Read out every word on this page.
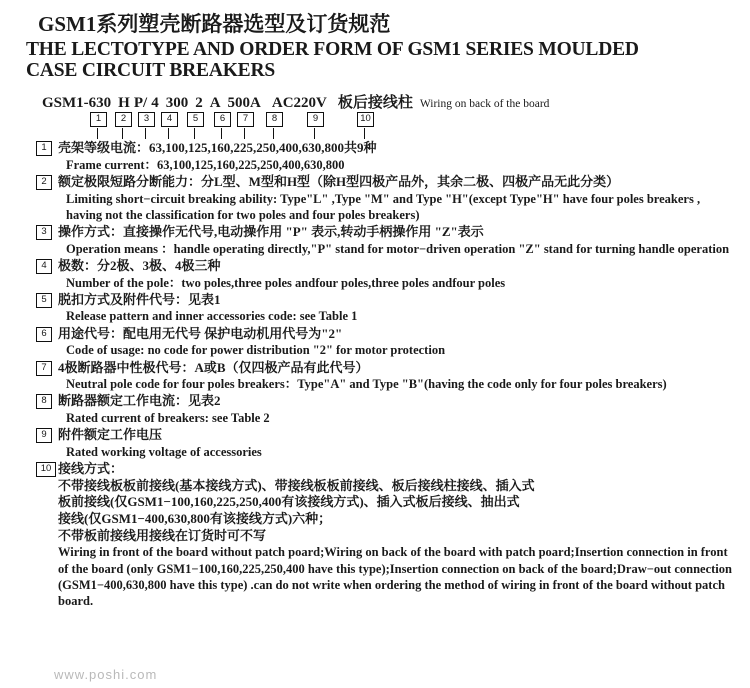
GSM1系列塑壳断路器选型及订货规范
THE LECTOTYPE AND ORDER FORM OF GSM1 SERIES MOULDED
CASE CIRCUIT BREAKERS
GSM1-630 H P/ 4 300 2 A 500A AC220V 板后接线柱 Wiring on back of the board
1	2	3	4	5	6	7	8	9	10
1 壳架等级电流：63,100,125,160,225,250,400,630,800共9种
Frame current：63,100,125,160,225,250,400,630,800
2 额定极限短路分断能力：分L型、M型和H型（除H型四极产品外，其余二极、四极产品无此分类）
Limiting short−circuit breaking ability: Type"L" ,Type "M" and Type "H"(except Type"H" have four poles breakers ,
having not the classification for two poles and four poles breakers)
3 操作方式：直接操作无代号,电动操作用 "P" 表示,转动手柄操作用 "Z"表示
Operation means ：handle operating directly,"P" stand for motor−driven operation "Z" stand for turning handle operation
4 极数：分2极、3极、4极三种
Number of the pole：two poles,three poles andfour poles,three poles andfour poles
5 脱扣方式及附件代号：见表1
Release pattern and inner accessories code: see Table 1
6 用途代号：配电用无代号 保护电动机用代号为"2"
Code of usage: no code for power distribution "2" for motor protection
7 4极断路器中性极代号：A或B（仅四极产品有此代号）
Neutral pole code for four poles breakers：Type"A" and Type "B"(having the code only for four poles breakers)
8 断路器额定工作电流：见表2
Rated current of breakers: see Table 2
9 附件额定工作电压
Rated working voltage of accessories
10 接线方式：
不带接线板板前接线(基本接线方式)、带接线板板前接线、板后接线柱接线、插入式
板前接线(仅GSM1−100,160,225,250,400有该接线方式)、插入式板后接线、抽出式
接线(仅GSM1−400,630,800有该接线方式)六种；
不带板前接线用接线在订货时可不写
Wiring in front of the board without patch poard;Wiring on back of the board with patch poard;Insertion connection in front
of the board (only GSM1−100,160,225,250,400 have this type);Insertion connection on back of the board;Draw−out connection
(GSM1−400,630,800 have this type) .can do not write when ordering the method of wiring in front of the board without patch
board.
www.poshi.com
